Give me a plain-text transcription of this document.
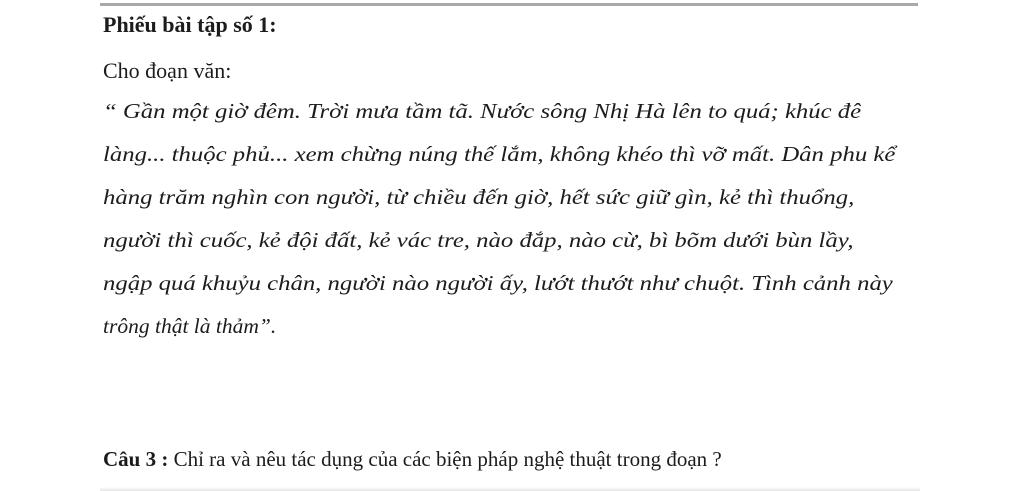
Phiếu bài tập số 1:
Cho đoạn văn:
“ Gần một giờ đêm. Trời mưa tầm tã. Nước sông Nhị Hà lên to quá; khúc đê
làng... thuộc phủ... xem chừng núng thế lắm, không khéo thì vỡ mất. Dân phu kể
hàng trăm nghìn con người, từ chiều đến giờ, hết sức giữ gìn, kẻ thì thuổng,
người thì cuốc, kẻ đội đất, kẻ vác tre, nào đắp, nào cừ, bì bõm dưới bùn lầy,
ngập quá khuỷu chân, người nào người ấy, lướt thướt như chuột. Tình cảnh này
trông thật là thảm”.
Câu 3 : Chỉ ra và nêu tác dụng của các biện pháp nghệ thuật trong đoạn ?
